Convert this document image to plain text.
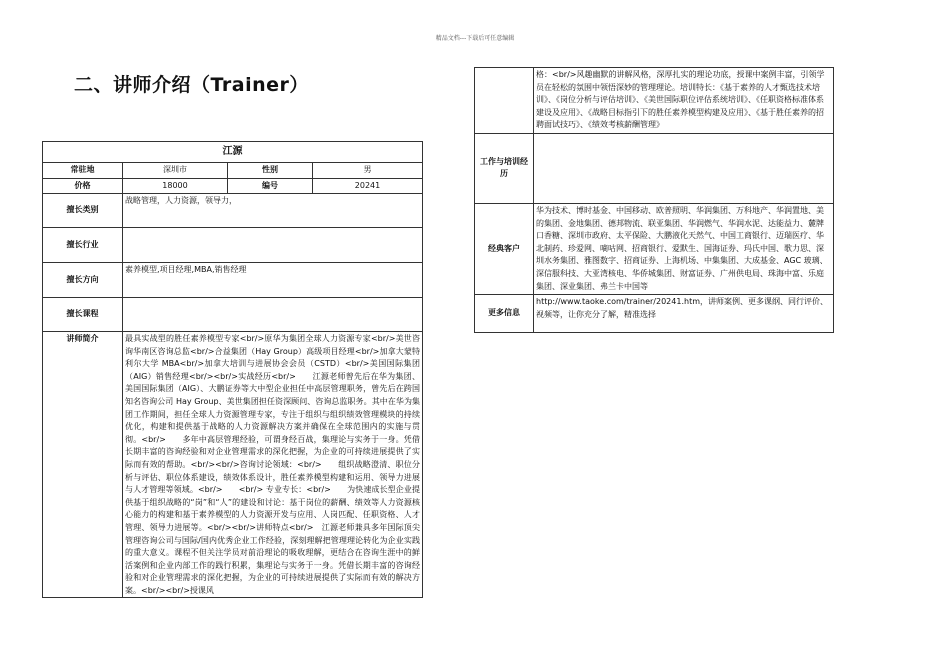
精品文档---下载后可任意编辑
二、讲师介绍（Trainer）
江源			
常驻地	深圳市	性别	男
价格	18000	编号	20241
擅长类别	战略管理，人力资源，领导力，		
擅长行业			
擅长方向	素养模型,项目经理,MBA,销售经理		
擅长课程			
讲师简介	最具实战型的胜任素养模型专家<br/>原华为集团全球人力资源专家<br/>美世咨询华南区咨询总监<br/>合益集团（Hay Group）高级项目经理<br/>加拿大蒙特利尔大学 MBA<br/>加拿大培训与进展协会会员（CSTD）<br/>美国国际集团（AIG）销售经理<br/><br/>实战经历<br/>　　江源老师曾先后在华为集团、美国国际集团（AIG）、大鹏证券等大中型企业担任中高层管理职务，曾先后在跨国知名咨询公司 Hay Group、美世集团担任资深顾问、咨询总监职务。其中在华为集团工作期间，担任全球人力资源管理专家，专注于组织与组织绩效管理模块的持续优化，构建和提供基于战略的人力资源解决方案并确保在全球范围内的实施与贯彻。<br/>　　多年中高层管理经验，可谓身经百战，集理论与实务于一身。凭借长期丰富的咨询经验和对企业管理需求的深化把握，为企业的可持续进展提供了实际而有效的帮助。<br/><br/>咨询讨论领域：<br/>　　组织战略澄清、职位分析与评估、职位体系建设，绩效体系设计，胜任素养模型构建和运用、领导力进展与人才管理等领域。<br/>　　<br/> 专业专长：<br/>　　为快速成长型企业提供基于组织战略的“岗”和“人”的建设和讨论：基于岗位的薪酬、绩效等人力资源核心能力的构建和基于素养模型的人力资源开发与应用、人岗匹配、任职资格、人才管理、领导力进展等。<br/><br/>讲师特点<br/>　江源老师兼具多年国际顶尖管理咨询公司与国际/国内优秀企业工作经验，深刻理解把管理理论转化为企业实践的重大意义。课程不但关注学员对前沿理论的吸收理解，更结合在咨询生涯中的鲜活案例和企业内部工作的践行积累，集理论与实务于一身。凭借长期丰富的咨询经验和对企业管理需求的深化把握，为企业的可持续进展提供了实际而有效的解决方案。<br/><br/>授课风		
	格：<br/>风趣幽默的讲解风格，深厚扎实的理论功底，授课中案例丰富，引领学员在轻松的氛围中领悟深妙的管理理论。培训特长：《基于素养的人才甄选技术培训》、《岗位分析与评估培训》、《美世国际职位评估系统培训》、《任职资格标准体系建设及应用》、《战略目标指引下的胜任素养模型构建及应用》、《基于胜任素养的招聘面试技巧》、《绩效考核薪酬管理》
工作与培训经历	
经典客户	华为技术、博时基金、中国移动、欧普照明、华润集团、万科地产、华润置地、美的集团、金地集团、德邦物流、联亚集团、华润燃气、华润水泥、达能益力、麓牌口香糖、深圳市政府、太平保险、大鹏液化天然气、中国工商银行、迈瑞医疗、华北制药、珍爱网、嘀咕网、招商银行、爱默生、国海证券、玛氏中国、歌力思、深圳水务集团、雅图数字、招商证券、上海机场、中集集团、大成基金、AGC 玻璃、深信服科技、大亚湾核电、华侨城集团、财富证券、广州供电局、珠海中富、乐庭集团、深业集团、弗兰卡中国等
更多信息	http://www.taoke.com/trainer/20241.htm，讲师案例、更多课纲、同行评价、视频等，让你充分了解，精准选择
